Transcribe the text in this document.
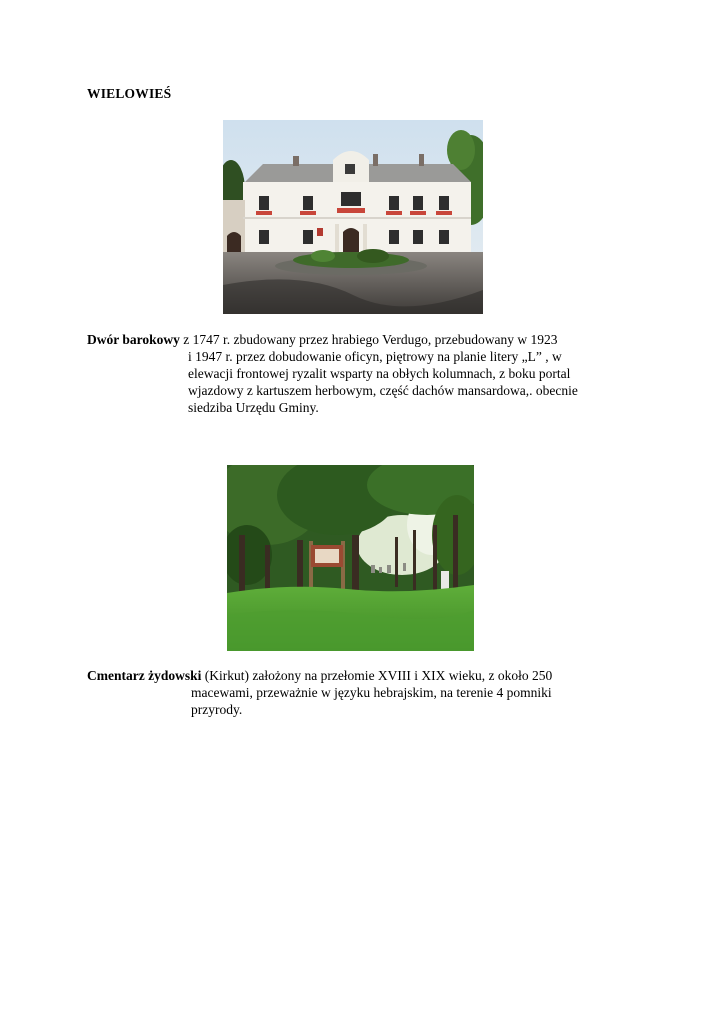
WIELOWIEŚ
Dwór barokowy z 1747 r. zbudowany przez hrabiego Verdugo, przebudowany w 1923
i 1947 r. przez dobudowanie oficyn, piętrowy na planie litery „L” , w
elewacji frontowej ryzalit wsparty na obłych kolumnach, z boku portal
wjazdowy z kartuszem herbowym, część dachów mansardowa,. obecnie
siedziba Urzędu Gminy.
Cmentarz żydowski (Kirkut) założony na przełomie XVIII i XIX wieku, z około 250
macewami, przeważnie w języku hebrajskim, na terenie 4 pomniki
przyrody.
